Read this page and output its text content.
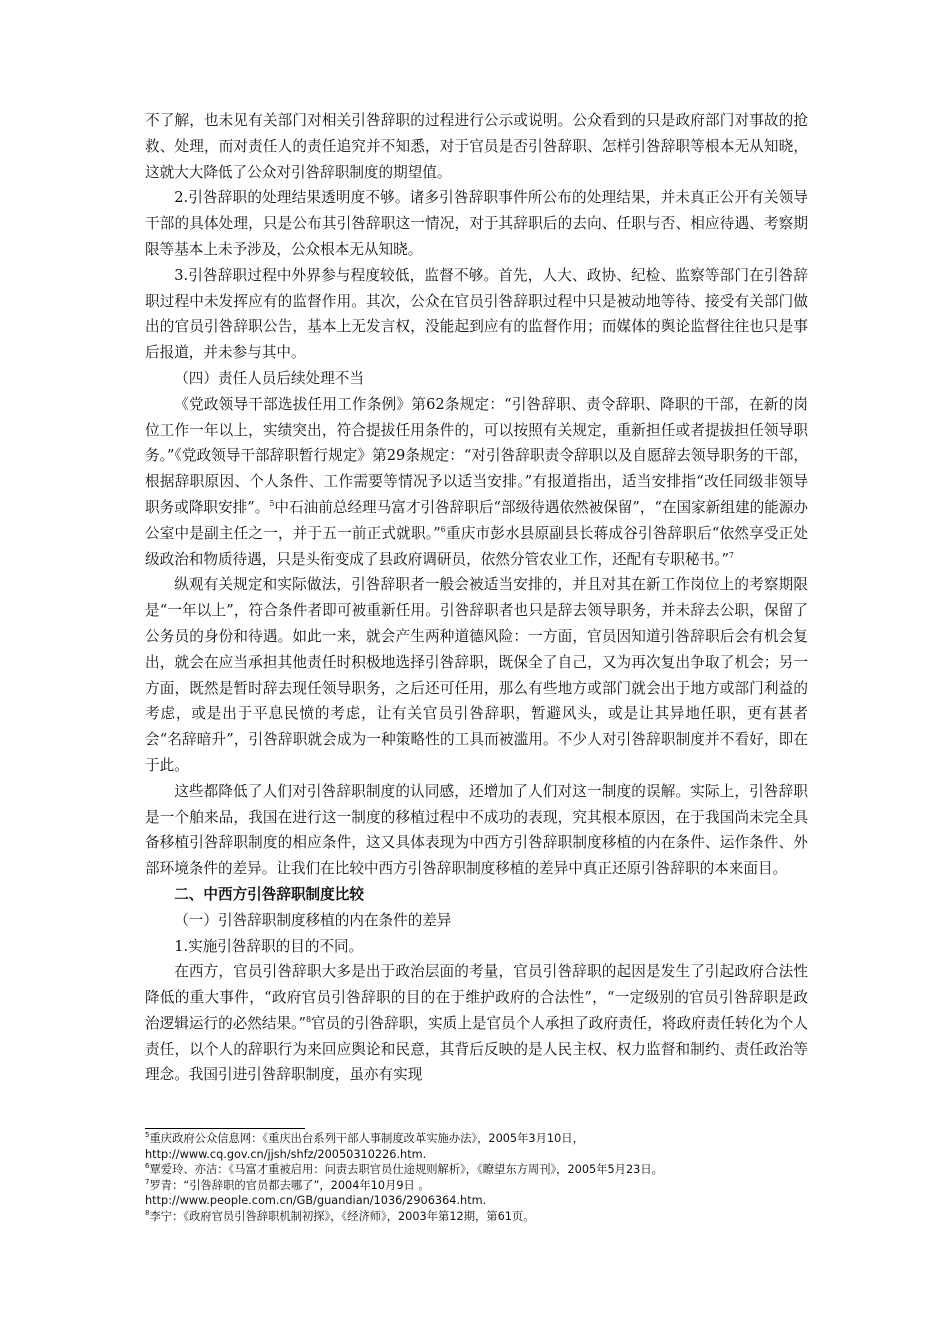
不了解，也未见有关部门对相关引咎辞职的过程进行公示或说明。公众看到的只是政府部门对事故的抢救、处理，而对责任人的责任追究并不知悉，对于官员是否引咎辞职、怎样引咎辞职等根本无从知晓，这就大大降低了公众对引咎辞职制度的期望值。

2.引咎辞职的处理结果透明度不够。诸多引咎辞职事件所公布的处理结果，并未真正公开有关领导干部的具体处理，只是公布其引咎辞职这一情况，对于其辞职后的去向、任职与否、相应待遇、考察期限等基本上未予涉及，公众根本无从知晓。

3.引咎辞职过程中外界参与程度较低，监督不够。首先，人大、政协、纪检、监察等部门在引咎辞职过程中未发挥应有的监督作用。其次，公众在官员引咎辞职过程中只是被动地等待、接受有关部门做出的官员引咎辞职公告，基本上无发言权，没能起到应有的监督作用；而媒体的舆论监督往往也只是事后报道，并未参与其中。

（四）责任人员后续处理不当

《党政领导干部选拔任用工作条例》第62条规定：“引咎辞职、责令辞职、降职的干部，在新的岗位工作一年以上，实绩突出，符合提拔任用条件的，可以按照有关规定，重新担任或者提拔担任领导职务。”《党政领导干部辞职暂行规定》第29条规定：“对引咎辞职责令辞职以及自愿辞去领导职务的干部，根据辞职原因、个人条件、工作需要等情况予以适当安排。”有报道指出，适当安排指“改任同级非领导职务或降职安排”。$^5$中石油前总经理马富才引咎辞职后“部级待遇依然被保留”，“在国家新组建的能源办公室中是副主任之一，并于五一前正式就职。”$^6$重庆市彭水县原副县长蒋成谷引咎辞职后“依然享受正处级政治和物质待遇，只是头衔变成了县政府调研员，依然分管农业工作，还配有专职秘书。”$^7$

纵观有关规定和实际做法，引咎辞职者一般会被适当安排的，并且对其在新工作岗位上的考察期限是“一年以上”，符合条件者即可被重新任用。引咎辞职者也只是辞去领导职务，并未辞去公职，保留了公务员的身份和待遇。如此一来，就会产生两种道德风险：一方面，官员因知道引咎辞职后会有机会复出，就会在应当承担其他责任时积极地选择引咎辞职，既保全了自己，又为再次复出争取了机会；另一方面，既然是暂时辞去现任领导职务，之后还可任用，那么有些地方或部门就会出于地方或部门利益的考虑，或是出于平息民愤的考虑，让有关官员引咎辞职，暂避风头，或是让其异地任职，更有甚者会“名辞暗升”，引咎辞职就会成为一种策略性的工具而被滥用。不少人对引咎辞职制度并不看好，即在于此。

这些都降低了人们对引咎辞职制度的认同感，还增加了人们对这一制度的误解。实际上，引咎辞职是一个舶来品，我国在进行这一制度的移植过程中不成功的表现，究其根本原因，在于我国尚未完全具备移植引咎辞职制度的相应条件，这又具体表现为中西方引咎辞职制度移植的内在条件、运作条件、外部环境条件的差异。让我们在比较中西方引咎辞职制度移植的差异中真正还原引咎辞职的本来面目。

二、中西方引咎辞职制度比较

（一）引咎辞职制度移植的内在条件的差异

1.实施引咎辞职的目的不同。

在西方，官员引咎辞职大多是出于政治层面的考量，官员引咎辞职的起因是发生了引起政府合法性降低的重大事件，“政府官员引咎辞职的目的在于维护政府的合法性”，“一定级别的官员引咎辞职是政治逻辑运行的必然结果。”$^8$官员的引咎辞职，实质上是官员个人承担了政府责任，将政府责任转化为个人责任，以个人的辞职行为来回应舆论和民意，其背后反映的是人民主权、权力监督和制约、责任政治等理念。我国引进引咎辞职制度，虽亦有实现

$^5$重庆政府公众信息网：《重庆出台系列干部人事制度改革实施办法》，2005年3月10日，

http://www.cq.gov.cn/jjsh/shfz/20050310226.htm.

$^6$覃爱玲、亦洁：《马富才重被启用：问责去职官员仕途规则解析》，《瞭望东方周刊》，2005年5月23日。

$^7$罗青：“引咎辞职的官员都去哪了”，2004年10月9日 。

http://www.people.com.cn/GB/guandian/1036/2906364.htm.

$^8$李宁：《政府官员引咎辞职机制初探》，《经济师》，2003年第12期，第61页。
